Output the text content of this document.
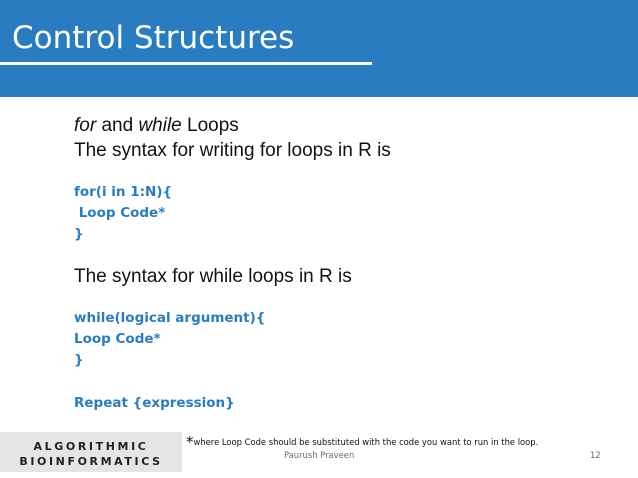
Control Structures
for and while Loops
The syntax for writing for loops in R is
for(i in 1:N){
Loop Code*
}
The syntax for while loops in R is
while(logical argument){
Loop Code*
}
Repeat {expression}
ALGORITHMIC
BIOINFORMATICS
*where Loop Code should be substituted with the code you want to run in the loop.
Paurush Praveen	12
